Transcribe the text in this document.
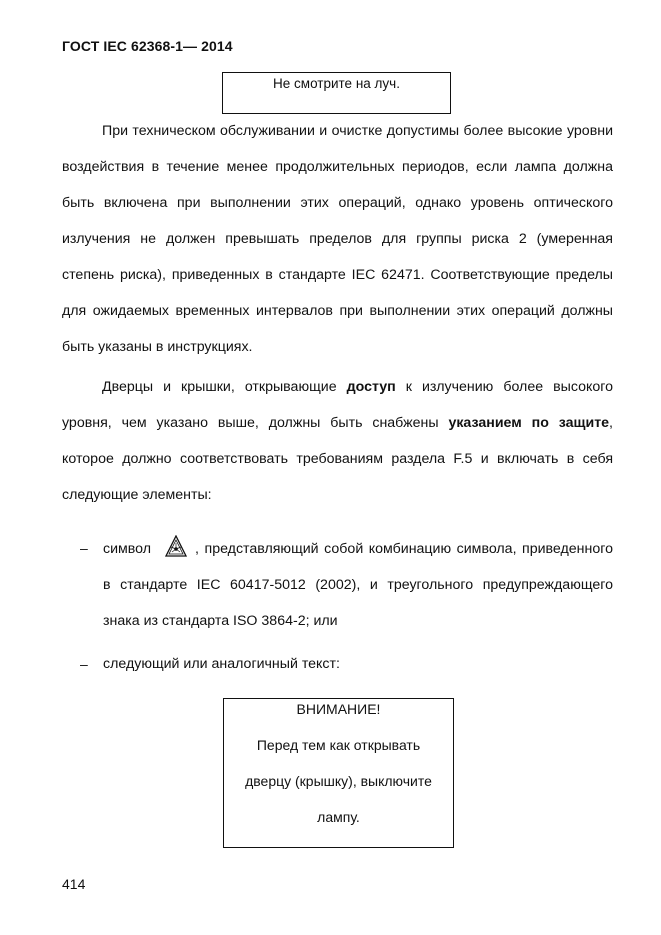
ГОСТ IEC 62368-1— 2014
Не смотрите на луч.

При техническом обслуживании и очистке допустимы более высокие уровни воздействия в течение менее продолжительных периодов, если лампа должна быть включена при выполнении этих операций, однако уровень оптического излучения не должен превышать пределов для группы риска 2 (умеренная степень риска), приведенных в стандарте IEC 62471. Соответствующие пределы для ожидаемых временных интервалов при выполнении этих операций должны быть указаны в инструкциях.

Дверцы и крышки, открывающие доступ к излучению более высокого уровня, чем указано выше, должны быть снабжены указанием по защите, которое должно соответствовать требованиям раздела F.5 и включать в себя следующие элементы:

– символ	, представляющий собой комбинацию символа, приведенного в стандарте IEC 60417-5012 (2002), и треугольного предупреждающего знака из стандарта ISO 3864-2; или

– следующий или аналогичный текст:

ВНИМАНИЕ!
Перед тем как открывать
дверцу (крышку), выключите
лампу.
414
